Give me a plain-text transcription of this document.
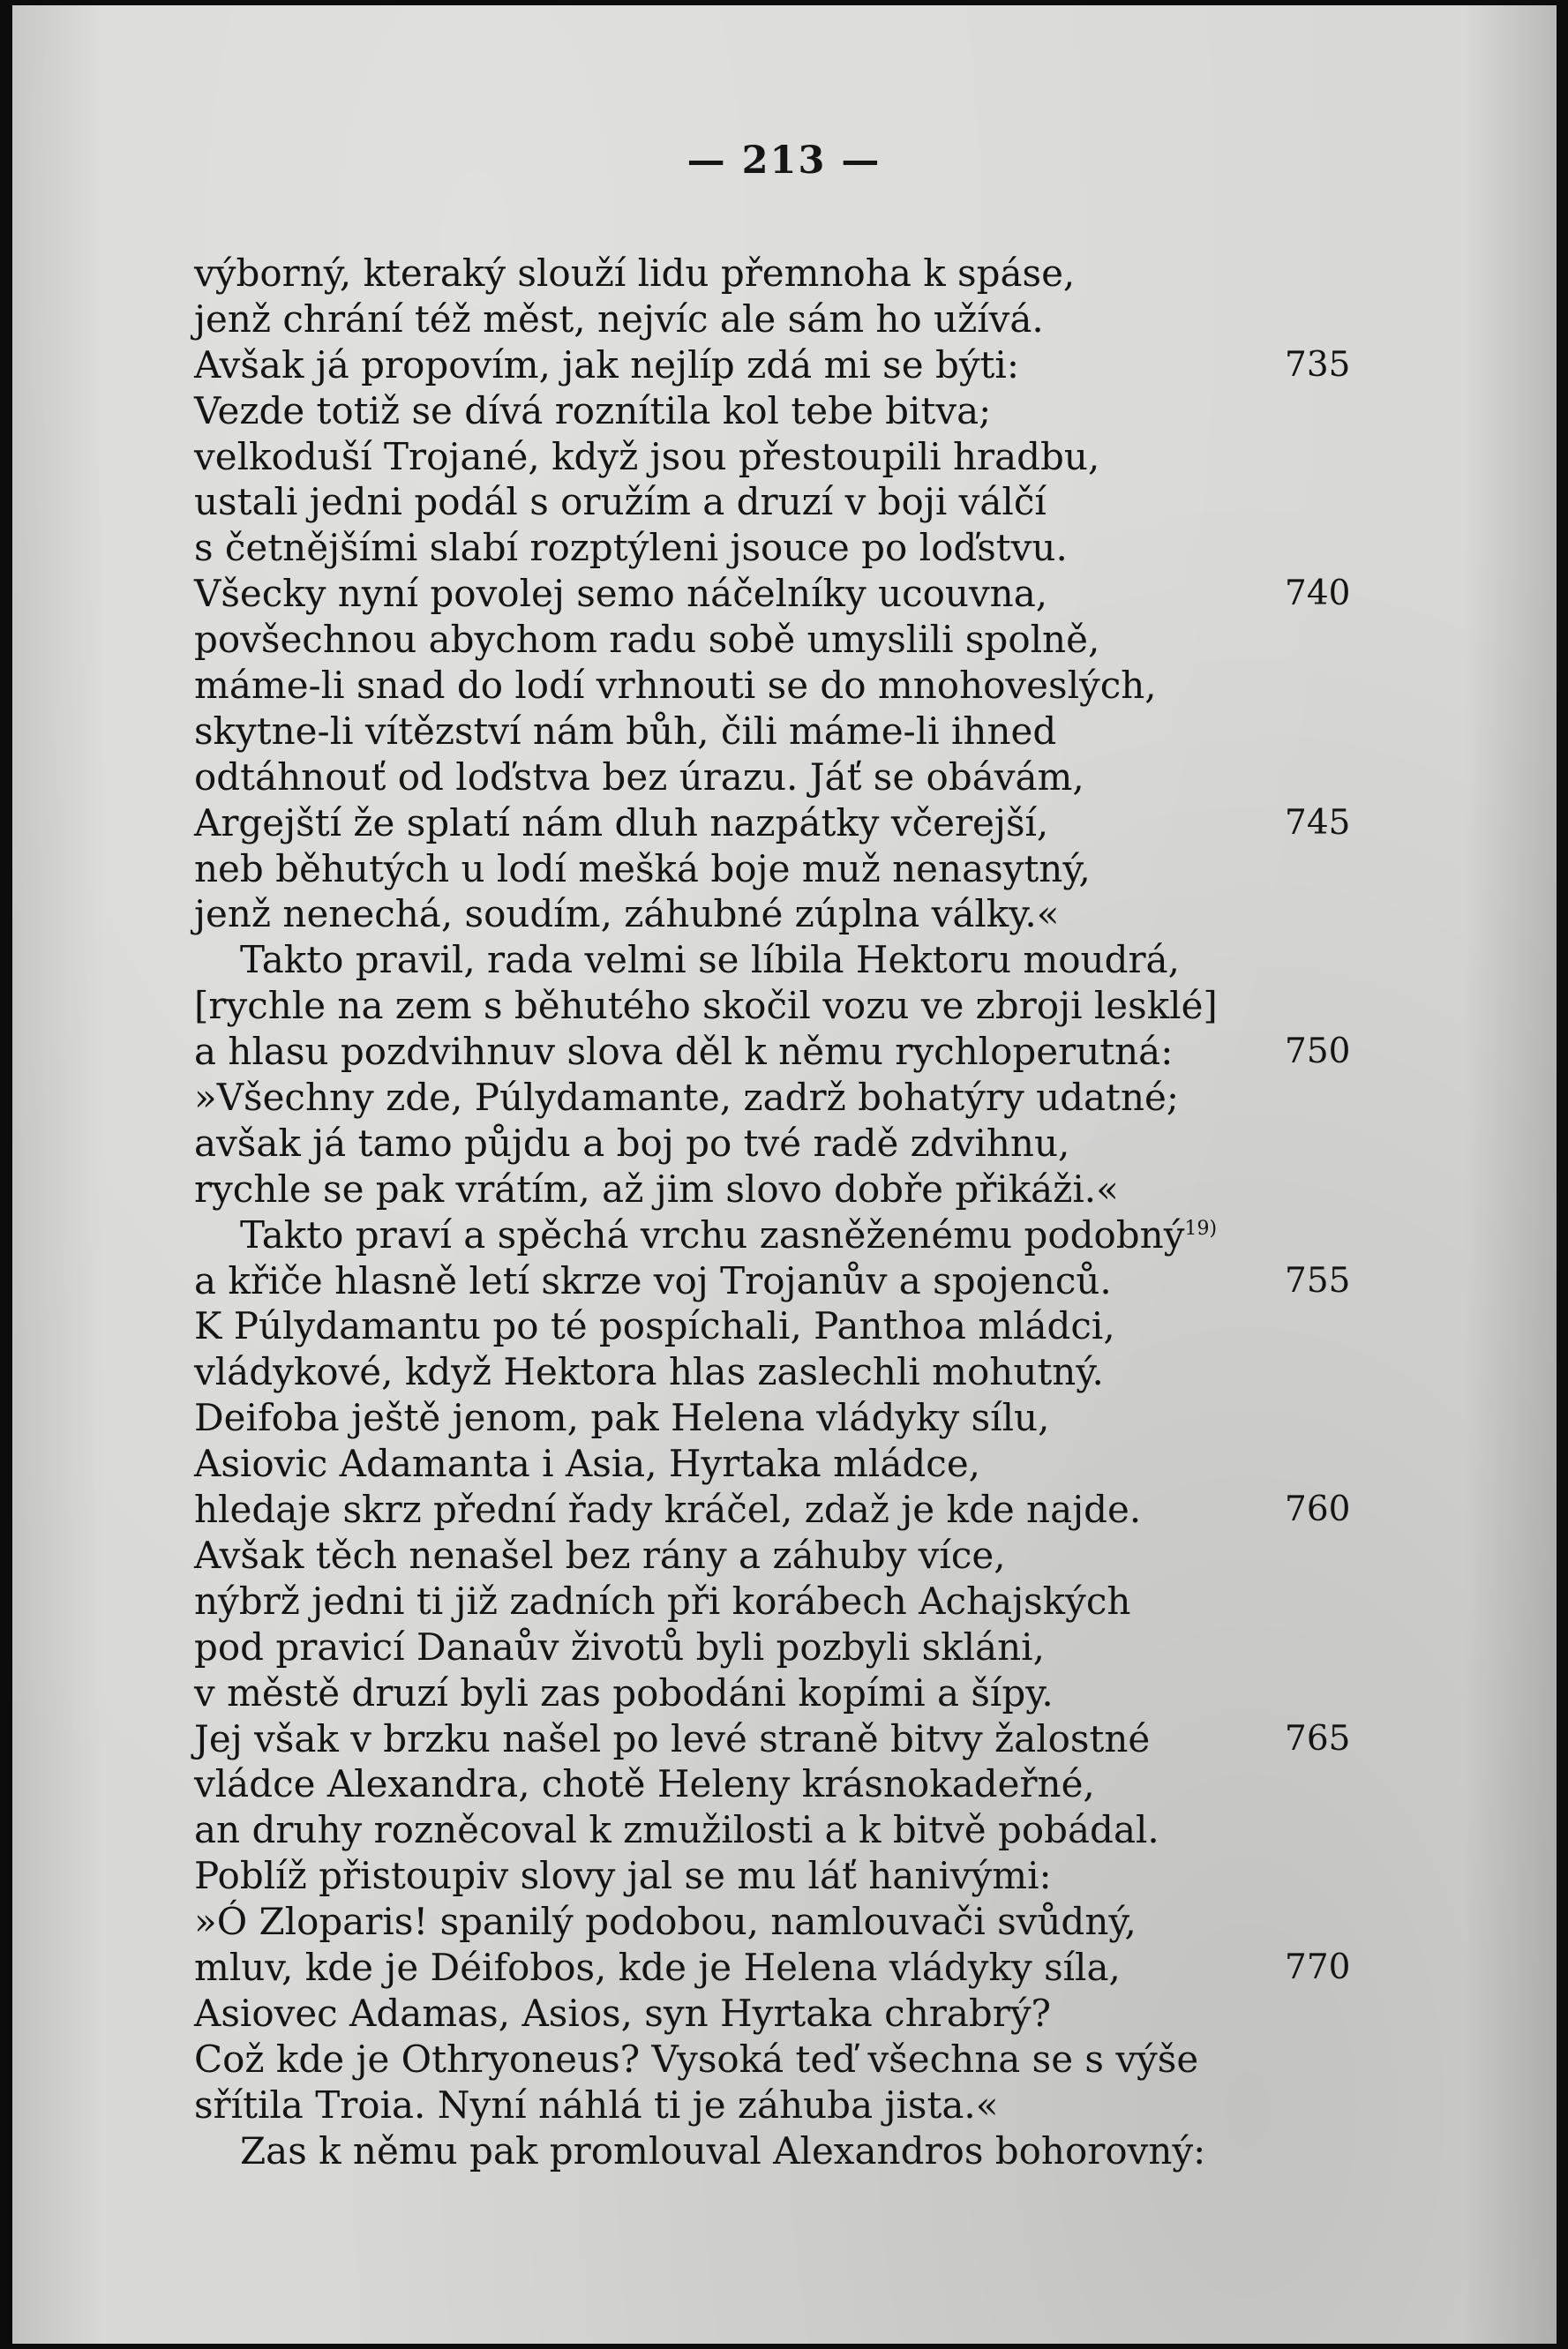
— 213 —
výborný, kteraký slouží lidu přemnoha k spáse,
jenž chrání též měst, nejvíc ale sám ho užívá.
Avšak já propovím, jak nejlíp zdá mi se býti:	735
Vezde totiž se dívá roznítila kol tebe bitva;
velkoduší Trojané, když jsou přestoupili hradbu,
ustali jedni podál s oružím a druzí v boji válčí
s četnějšími slabí rozptýleni jsouce po loďstvu.
Všecky nyní povolej semo náčelníky ucouvna,	740
povšechnou abychom radu sobě umyslili spolně,
máme-li snad do lodí vrhnouti se do mnohoveslých,
skytne-li vítězství nám bůh, čili máme-li ihned
odtáhnouť od loďstva bez úrazu. Jáť se obávám,
Argejští že splatí nám dluh nazpátky včerejší,	745
neb běhutých u lodí mešká boje muž nenasytný,
jenž nenechá, soudím, záhubné zúplna války.«
Takto pravil, rada velmi se líbila Hektoru moudrá,
[rychle na zem s běhutého skočil vozu ve zbroji lesklé]
a hlasu pozdvihnuv slova děl k němu rychloperutná:	750
»Všechny zde, Púlydamante, zadrž bohatýry udatné;
avšak já tamo půjdu a boj po tvé radě zdvihnu,
rychle se pak vrátím, až jim slovo dobře přikáži.«
Takto praví a spěchá vrchu zasněženému podobný$^{19)}$
a křiče hlasně letí skrze voj Trojanův a spojenců.	755
K Púlydamantu po té pospíchali, Panthoa mládci,
vládykové, když Hektora hlas zaslechli mohutný.
Deifoba ještě jenom, pak Helena vládyky sílu,
Asiovic Adamanta i Asia, Hyrtaka mládce,
hledaje skrz přední řady kráčel, zdaž je kde najde.	760
Avšak těch nenašel bez rány a záhuby více,
nýbrž jedni ti již zadních při korábech Achajských
pod pravicí Danaův životů byli pozbyli skláni,
v městě druzí byli zas pobodáni kopími a šípy.
Jej však v brzku našel po levé straně bitvy žalostné	765
vládce Alexandra, chotě Heleny krásnokadeřné,
an druhy rozněcoval k zmužilosti a k bitvě pobádal.
Poblíž přistoupiv slovy jal se mu láť hanivými:
»Ó Zloparis! spanilý podobou, namlouvači svůdný,
mluv, kde je Déifobos, kde je Helena vládyky síla,	770
Asiovec Adamas, Asios, syn Hyrtaka chrabrý?
Což kde je Othryoneus? Vysoká teď všechna se s výše
sřítila Troia. Nyní náhlá ti je záhuba jista.«
Zas k němu pak promlouval Alexandros bohorovný:
